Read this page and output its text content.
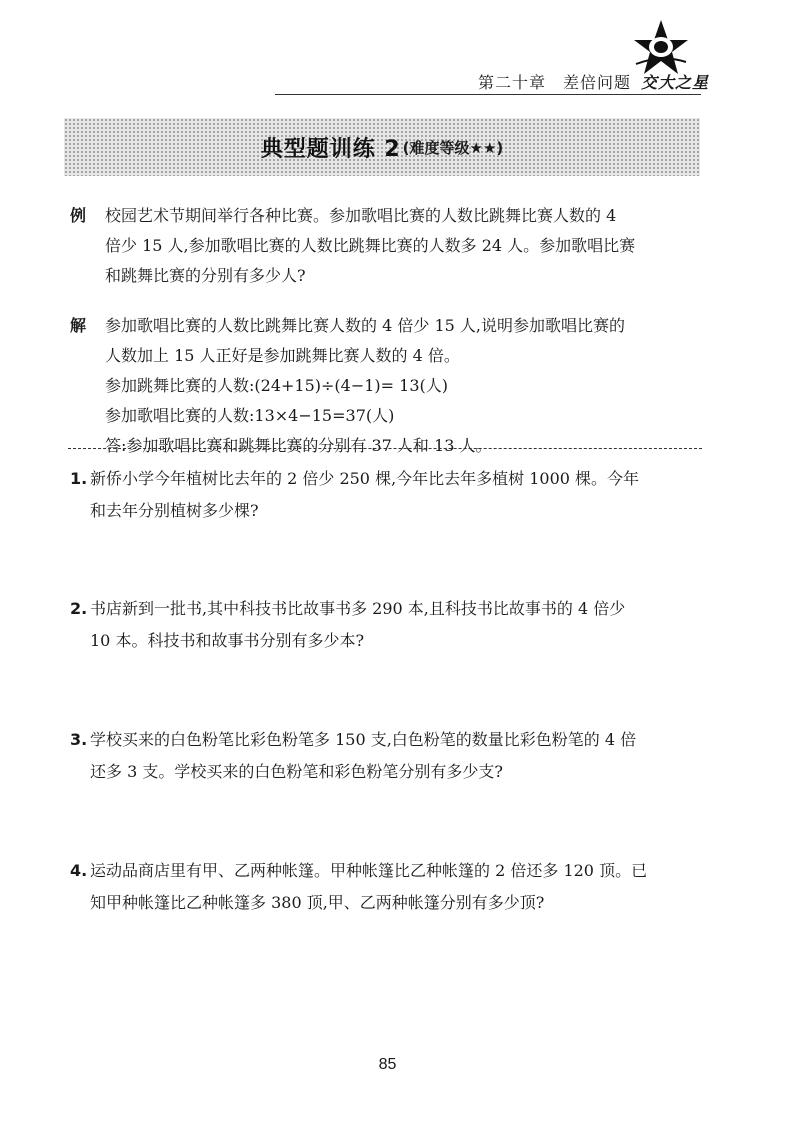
第二十章　差倍问题 交大之星
典型题训练 2 (难度等级★★)
例 校园艺术节期间举行各种比赛。参加歌唱比赛的人数比跳舞比赛人数的 4

倍少 15 人,参加歌唱比赛的人数比跳舞比赛的人数多 24 人。参加歌唱比赛

和跳舞比赛的分别有多少人?

解 参加歌唱比赛的人数比跳舞比赛人数的 4 倍少 15 人,说明参加歌唱比赛的

人数加上 15 人正好是参加跳舞比赛人数的 4 倍。

参加跳舞比赛的人数:(24+15)÷(4−1)= 13(人)

参加歌唱比赛的人数:13×4−15=37(人)

答:参加歌唱比赛和跳舞比赛的分别有 37 人和 13 人。

1. 新侨小学今年植树比去年的 2 倍少 250 棵,今年比去年多植树 1000 棵。今年
和去年分别植树多少棵?
2. 书店新到一批书,其中科技书比故事书多 290 本,且科技书比故事书的 4 倍少
10 本。科技书和故事书分别有多少本?
3. 学校买来的白色粉笔比彩色粉笔多 150 支,白色粉笔的数量比彩色粉笔的 4 倍
还多 3 支。学校买来的白色粉笔和彩色粉笔分别有多少支?
4. 运动品商店里有甲、乙两种帐篷。甲种帐篷比乙种帐篷的 2 倍还多 120 顶。已
知甲种帐篷比乙种帐篷多 380 顶,甲、乙两种帐篷分别有多少顶?
85
